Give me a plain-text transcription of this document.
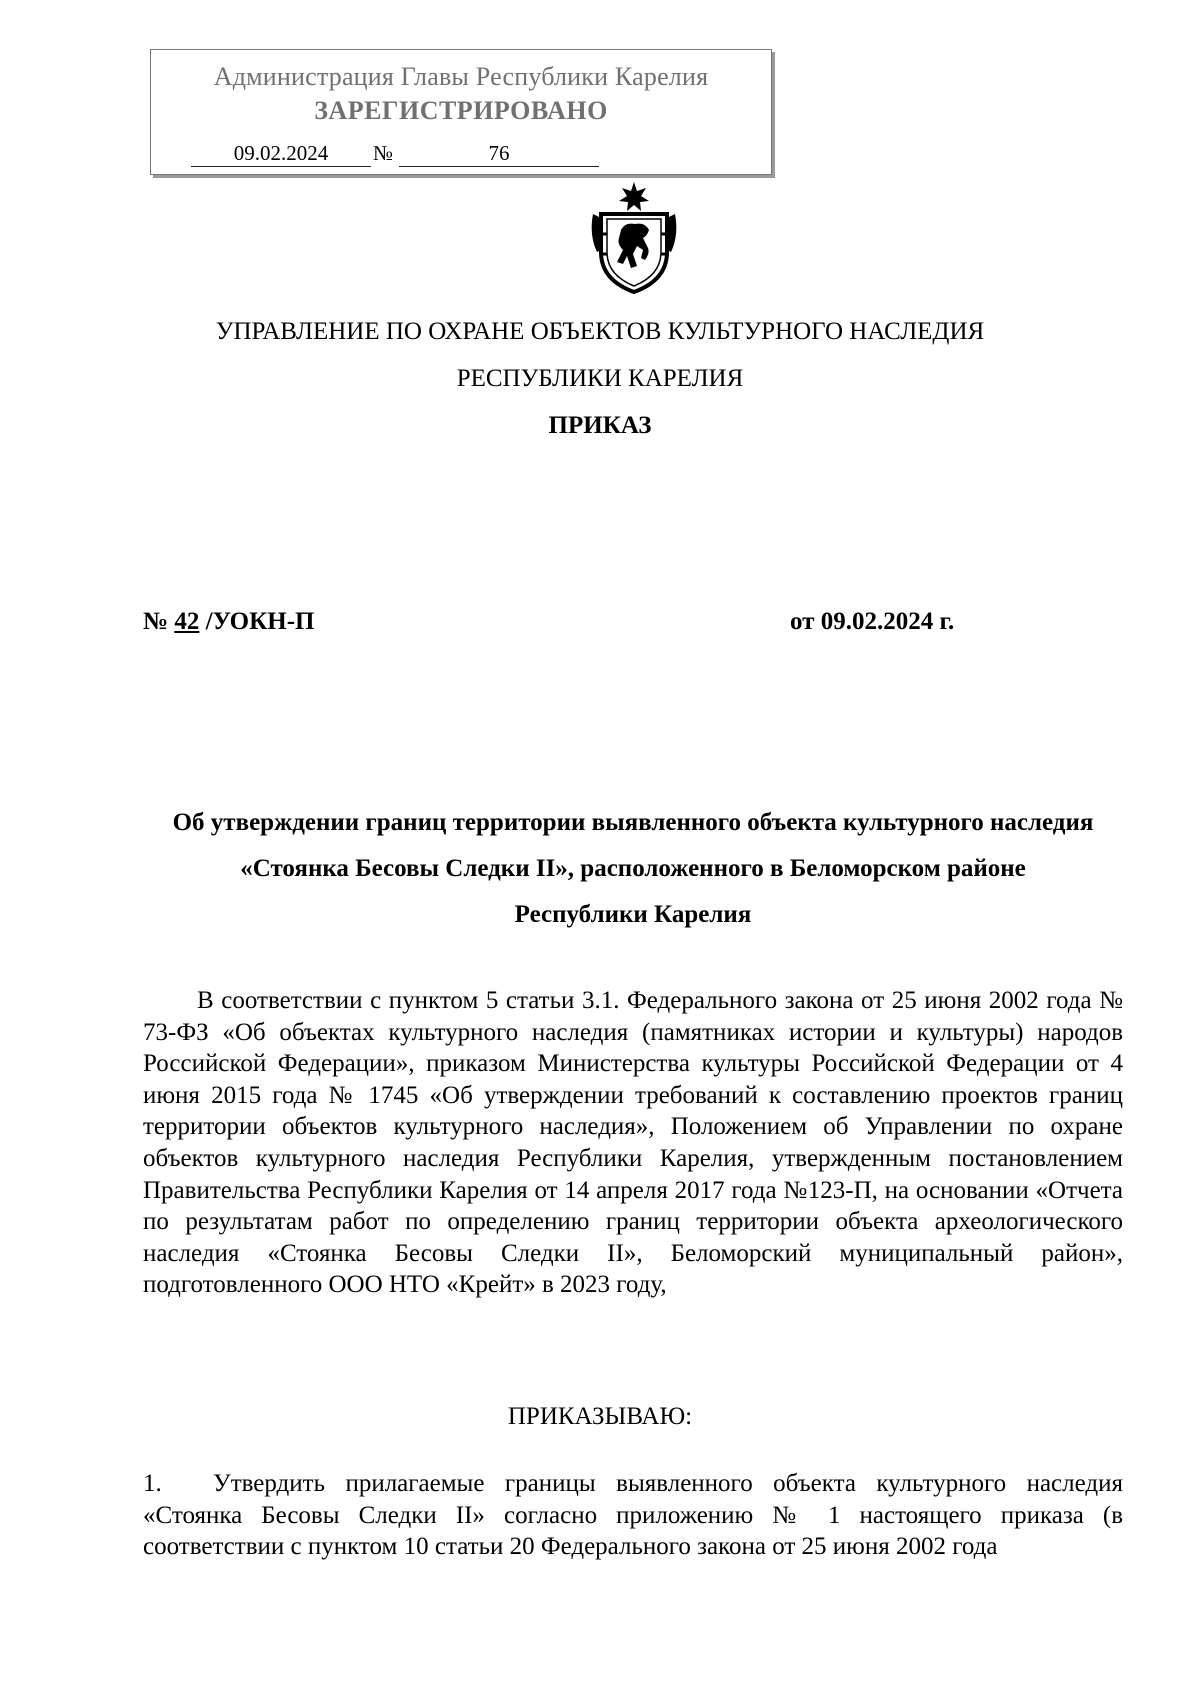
Администрация Главы Республики Карелия
ЗАРЕГИСТРИРОВАНО
09.02.2024	№	76
УПРАВЛЕНИЕ ПО ОХРАНЕ ОБЪЕКТОВ КУЛЬТУРНОГО НАСЛЕДИЯ
РЕСПУБЛИКИ КАРЕЛИЯ
ПРИКАЗ
№ 42 /УОКН-П	от 09.02.2024 г.
Об утверждении границ территории выявленного объекта культурного наследия
«Стоянка Бесовы Следки II», расположенного в Беломорском районе
Республики Карелия
В соответствии с пунктом 5 статьи 3.1. Федерального закона от 25 июня 2002 года № 73-ФЗ «Об объектах культурного наследия (памятниках истории и культуры) народов Российской Федерации», приказом Министерства культуры Российской Федерации от 4 июня 2015 года № 1745 «Об утверждении требований к составлению проектов границ территории объектов культурного наследия», Положением об Управлении по охране объектов культурного наследия Республики Карелия, утвержденным постановлением Правительства Республики Карелия от 14 апреля 2017 года №123-П, на основании «Отчета по результатам работ по определению границ территории объекта археологического наследия «Стоянка Бесовы Следки II», Беломорский муниципальный район», подготовленного ООО НТО «Крейт» в 2023 году,
ПРИКАЗЫВАЮ:
1. Утвердить прилагаемые границы выявленного объекта культурного наследия «Стоянка Бесовы Следки II» согласно приложению № 1 настоящего приказа (в соответствии с пунктом 10 статьи 20 Федерального закона от 25 июня 2002 года
